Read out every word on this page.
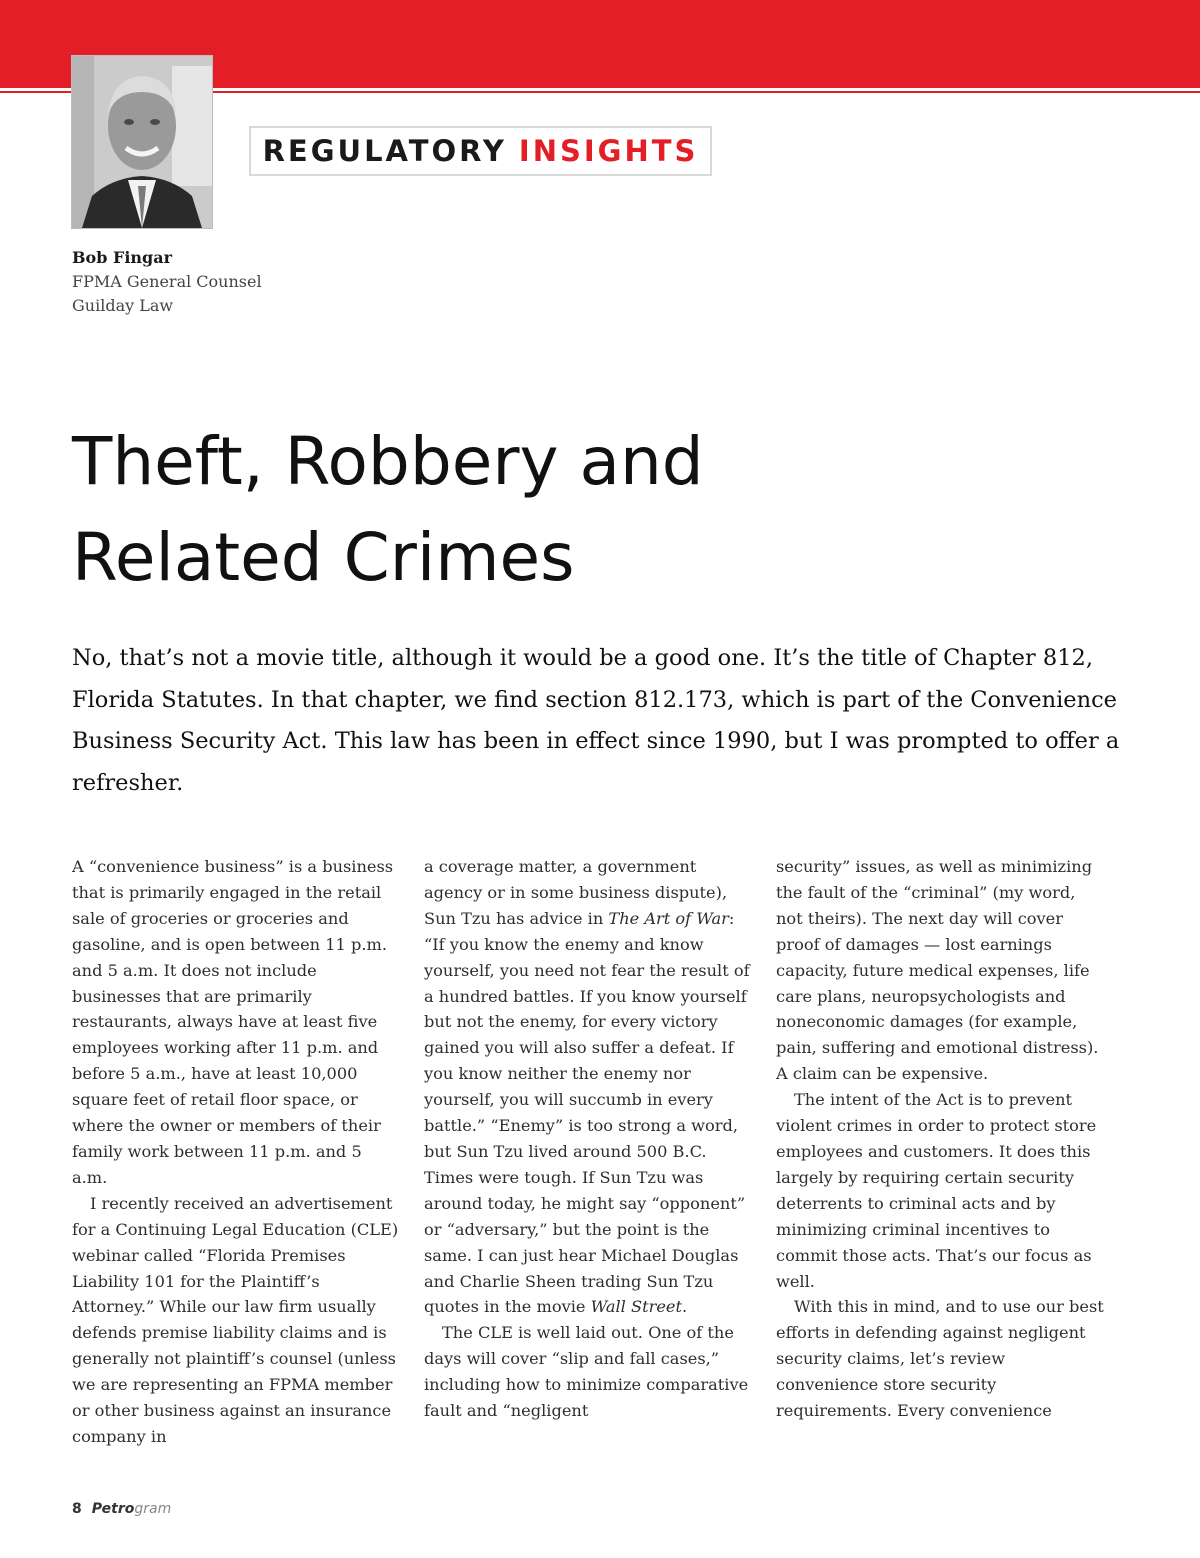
REGULATORY INSIGHTS
Bob Fingar
FPMA General Counsel
Guilday Law
Theft, Robbery and
Related Crimes

No, that’s not a movie title, although it would be a good one. It’s the title of Chapter 812, Florida Statutes. In that chapter, we find section 812.173, which is part of the Convenience Business Security Act. This law has been in effect since 1990, but I was prompted to offer a refresher.

A “convenience business” is a business that is primarily engaged in the retail sale of groceries or groceries and gasoline, and is open between 11 p.m. and 5 a.m. It does not include businesses that are primarily restaurants, always have at least five employees working after 11 p.m. and before 5 a.m., have at least 10,000 square feet of retail floor space, or where the owner or members of their family work between 11 p.m. and 5 a.m.

I recently received an advertisement for a Continuing Legal Education (CLE) webinar called “Florida Premises Liability 101 for the Plaintiff’s Attorney.” While our law firm usually defends premise liability claims and is generally not plaintiff’s counsel (unless we are representing an FPMA member or other business against an insurance company in

a coverage matter, a government agency or in some business dispute), Sun Tzu has advice in The Art of War: “If you know the enemy and know yourself, you need not fear the result of a hundred battles. If you know yourself but not the enemy, for every victory gained you will also suffer a defeat. If you know neither the enemy nor yourself, you will succumb in every battle.” “Enemy” is too strong a word, but Sun Tzu lived around 500 B.C. Times were tough. If Sun Tzu was around today, he might say “opponent” or “adversary,” but the point is the same. I can just hear Michael Douglas and Charlie Sheen trading Sun Tzu quotes in the movie Wall Street.

The CLE is well laid out. One of the days will cover “slip and fall cases,” including how to minimize comparative fault and “negligent

security” issues, as well as minimizing the fault of the “criminal” (my word, not theirs). The next day will cover proof of damages — lost earnings capacity, future medical expenses, life care plans, neuropsychologists and noneconomic damages (for example, pain, suffering and emotional distress). A claim can be expensive.

The intent of the Act is to prevent violent crimes in order to protect store employees and customers. It does this largely by requiring certain security deterrents to criminal acts and by minimizing criminal incentives to commit those acts. That’s our focus as well.

With this in mind, and to use our best efforts in defending against negligent security claims, let’s review convenience store security requirements. Every convenience

8 Petrogram
